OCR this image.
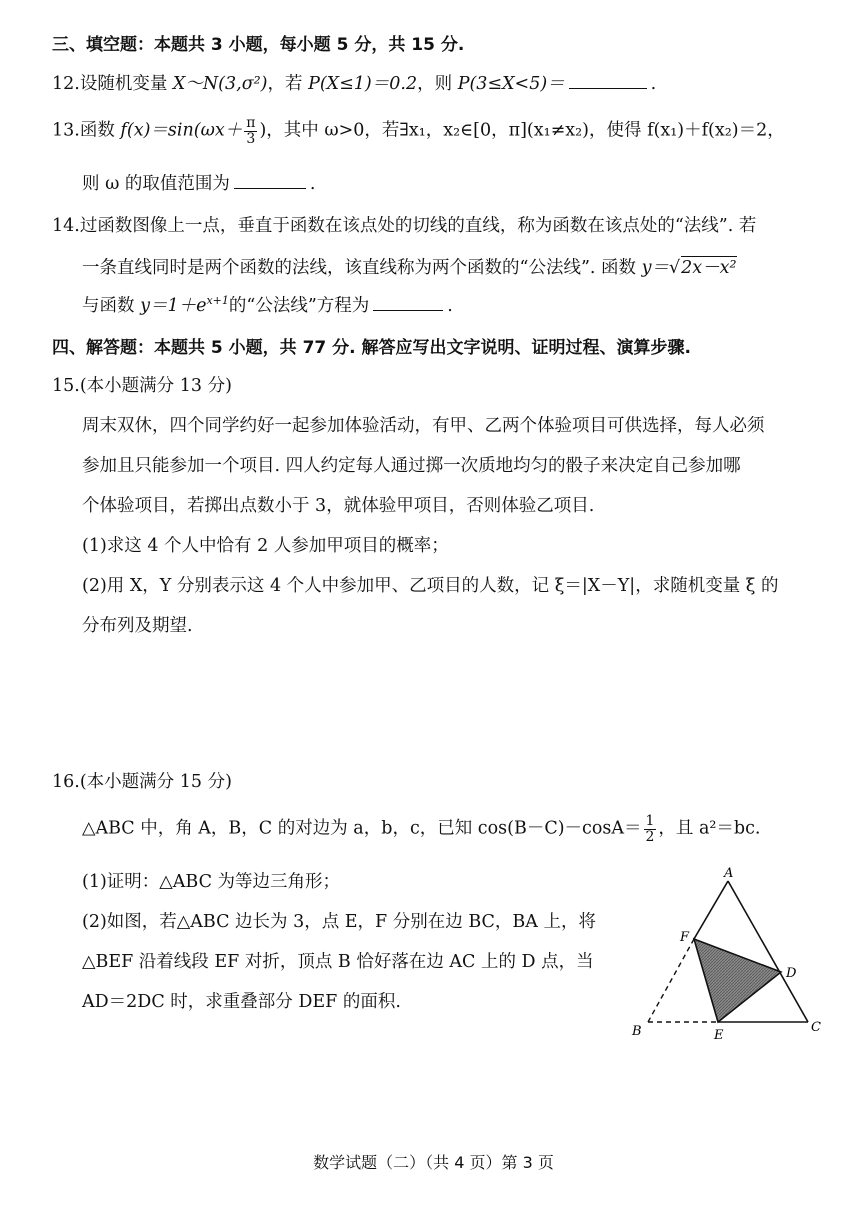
三、填空题：本题共 3 小题，每小题 5 分，共 15 分.
12.设随机变量 X～N(3,σ²)，若 P(X≤1)＝0.2，则 P(3≤X<5)＝	.
13.函数 $f(x)=\sin(\omega x+ \frac{\pi}{3}$ )，其中 ω>0，若∃x₁，x₂∈[0，π](x₁≠x₂)，使得 f(x₁)＋f(x₂)＝2，
则 ω 的取值范围为	.
14.过函数图像上一点，垂直于函数在该点处的切线的直线，称为函数在该点处的“法线”. 若
一条直线同时是两个函数的法线，该直线称为两个函数的“公法线”. 函数 y＝√2x－x²
与函数 $y=1+e^{x+1}$的“公法线”方程为	.
四、解答题：本题共 5 小题，共 77 分. 解答应写出文字说明、证明过程、演算步骤.
15.(本小题满分 13 分)
周末双休，四个同学约好一起参加体验活动，有甲、乙两个体验项目可供选择，每人必须
参加且只能参加一个项目. 四人约定每人通过掷一次质地均匀的骰子来决定自己参加哪
个体验项目，若掷出点数小于 3，就体验甲项目，否则体验乙项目.
(1)求这 4 个人中恰有 2 人参加甲项目的概率；
(2)用 X，Y 分别表示这 4 个人中参加甲、乙项目的人数，记 ξ＝|X－Y|，求随机变量 ξ 的
分布列及期望.
16.(本小题满分 15 分)
△ABC 中，角 A，B，C 的对边为 a，b，c，已知 $\cos(B-C)-\cos A= \frac{1}{2}$ ，且 a²＝bc.
(1)证明：△ABC 为等边三角形；
(2)如图，若△ABC 边长为 3，点 E，F 分别在边 BC，BA 上，将
△BEF 沿着线段 EF 对折，顶点 B 恰好落在边 AC 上的 D 点，当
AD＝2DC 时，求重叠部分 DEF 的面积.
A
F
D
B	E
C
数学试题（二）（共 4 页）第 3 页
